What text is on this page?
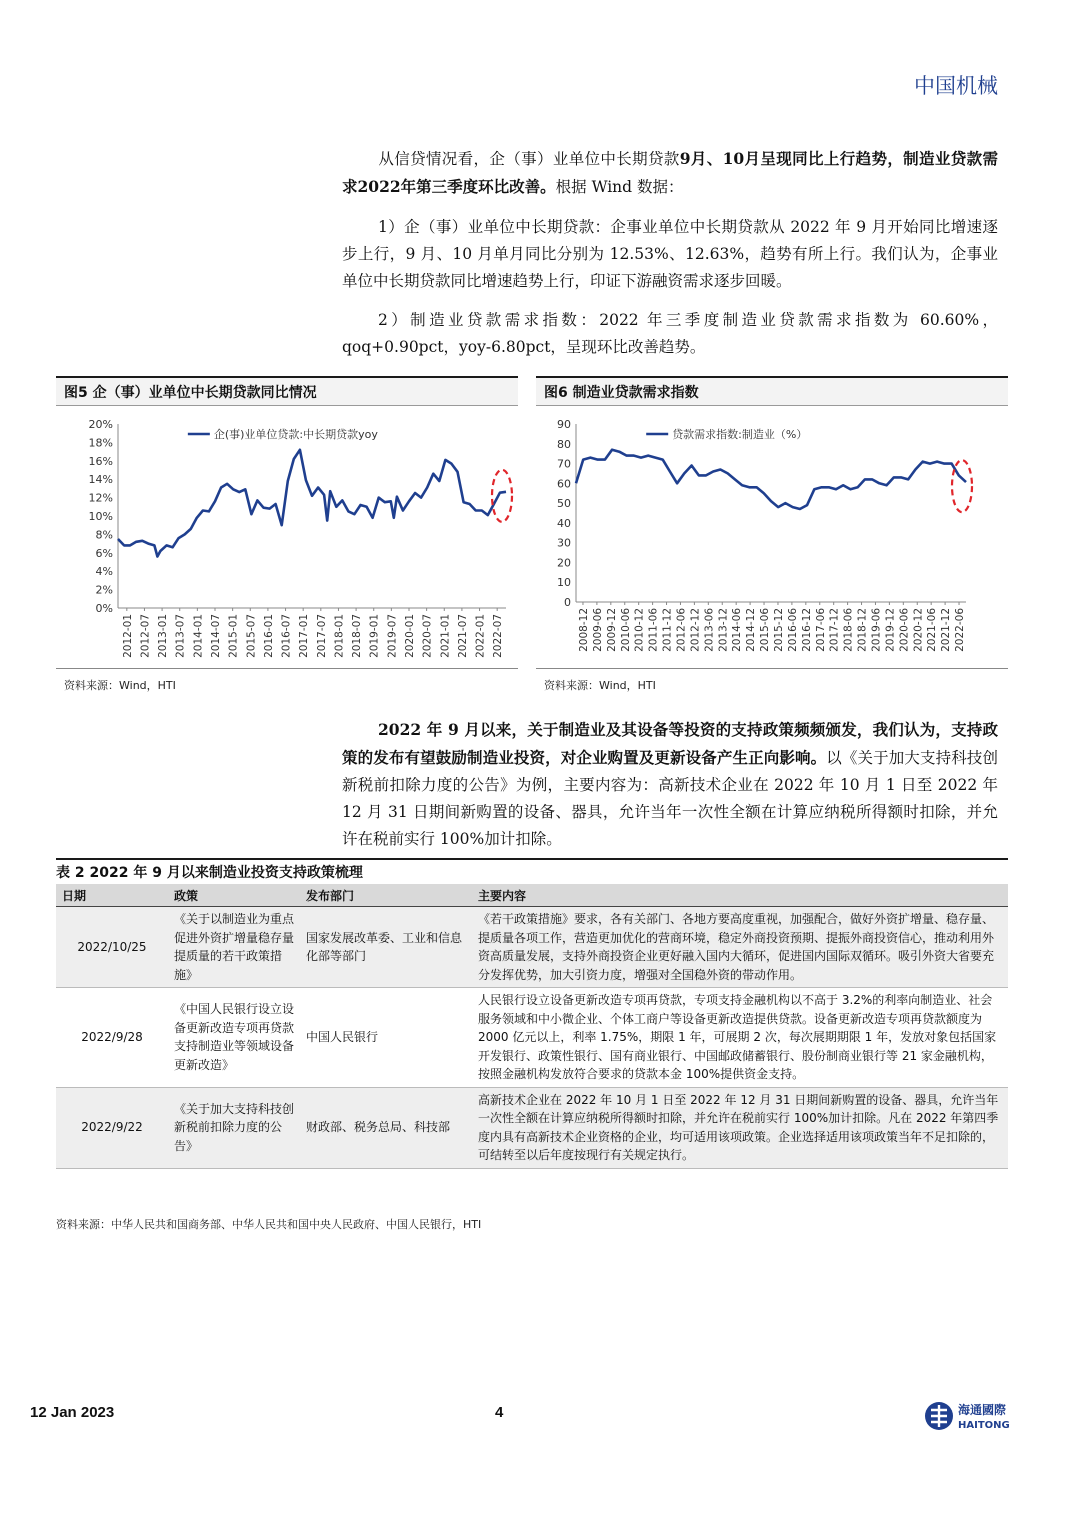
中国机械
从信贷情况看，企（事）业单位中长期贷款9月、10月呈现同比上行趋势，制造业贷款需求2022年第三季度环比改善。根据 Wind 数据：
1）企（事）业单位中长期贷款：企事业单位中长期贷款从 2022 年 9 月开始同比增速逐步上行，9 月、10 月单月同比分别为 12.53%、12.63%，趋势有所上行。我们认为，企事业单位中长期贷款同比增速趋势上行，印证下游融资需求逐步回暖。
2）制造业贷款需求指数：2022 年三季度制造业贷款需求指数为 60.60%，qoq+0.90pct，yoy-6.80pct，呈现环比改善趋势。
图5 企（事）业单位中长期贷款同比情况
0%
2%
4%
6%
8%
10%
12%
14%
16%
18%
20%
2012-01 2012-07 2013-01 2013-07 2014-01 2014-07 2015-01 2015-07 2016-01 2016-07 2017-01 2017-07 2018-01 2018-07 2019-01 2019-07 2020-01 2020-07 2021-01 2021-07 2022-01 2022-07
企(事)业单位贷款:中长期贷款yoy
资料来源：Wind，HTI
图6 制造业贷款需求指数
0
10
20
30
40
50
60
70
80
90
2008-12 2009-06 2009-12 2010-06 2010-12 2011-06 2011-12 2012-06 2012-12 2013-06 2013-12 2014-06 2014-12 2015-06 2015-12 2016-06 2016-12 2017-06 2017-12 2018-06 2018-12 2019-06 2019-12 2020-06 2020-12 2021-06 2021-12 2022-06
贷款需求指数:制造业（%）
资料来源：Wind，HTI
2022 年 9 月以来，关于制造业及其设备等投资的支持政策频频颁发，我们认为，支持政策的发布有望鼓励制造业投资，对企业购置及更新设备产生正向影响。以《关于加大支持科技创新税前扣除力度的公告》为例，主要内容为：高新技术企业在 2022 年 10 月 1 日至 2022 年 12 月 31 日期间新购置的设备、器具，允许当年一次性全额在计算应纳税所得额时扣除，并允许在税前实行 100%加计扣除。
表 2 2022 年 9 月以来制造业投资支持政策梳理
日期	政策	发布部门	主要内容
2022/10/25	《关于以制造业为重点促进外资扩增量稳存量提质量的若干政策措施》	国家发展改革委、工业和信息化部等部门	《若干政策措施》要求，各有关部门、各地方要高度重视，加强配合，做好外资扩增量、稳存量、提质量各项工作，营造更加优化的营商环境，稳定外商投资预期、提振外商投资信心，推动利用外资高质量发展，支持外商投资企业更好融入国内大循环，促进国内国际双循环。吸引外资大省要充分发挥优势，加大引资力度，增强对全国稳外资的带动作用。
2022/9/28	《中国人民银行设立设备更新改造专项再贷款支持制造业等领域设备更新改造》	中国人民银行	人民银行设立设备更新改造专项再贷款，专项支持金融机构以不高于 3.2%的利率向制造业、社会服务领域和中小微企业、个体工商户等设备更新改造提供贷款。设备更新改造专项再贷款额度为 2000 亿元以上，利率 1.75%，期限 1 年，可展期 2 次，每次展期期限 1 年，发放对象包括国家开发银行、政策性银行、国有商业银行、中国邮政储蓄银行、股份制商业银行等 21 家金融机构，按照金融机构发放符合要求的贷款本金 100%提供资金支持。
2022/9/22	《关于加大支持科技创新税前扣除力度的公告》	财政部、税务总局、科技部	高新技术企业在 2022 年 10 月 1 日至 2022 年 12 月 31 日期间新购置的设备、器具，允许当年一次性全额在计算应纳税所得额时扣除，并允许在税前实行 100%加计扣除。凡在 2022 年第四季度内具有高新技术企业资格的企业，均可适用该项政策。企业选择适用该项政策当年不足扣除的，可结转至以后年度按现行有关规定执行。
资料来源：中华人民共和国商务部、中华人民共和国中央人民政府、中国人民银行，HTI
12 Jan 2023	4	海通國際
HAITONG
